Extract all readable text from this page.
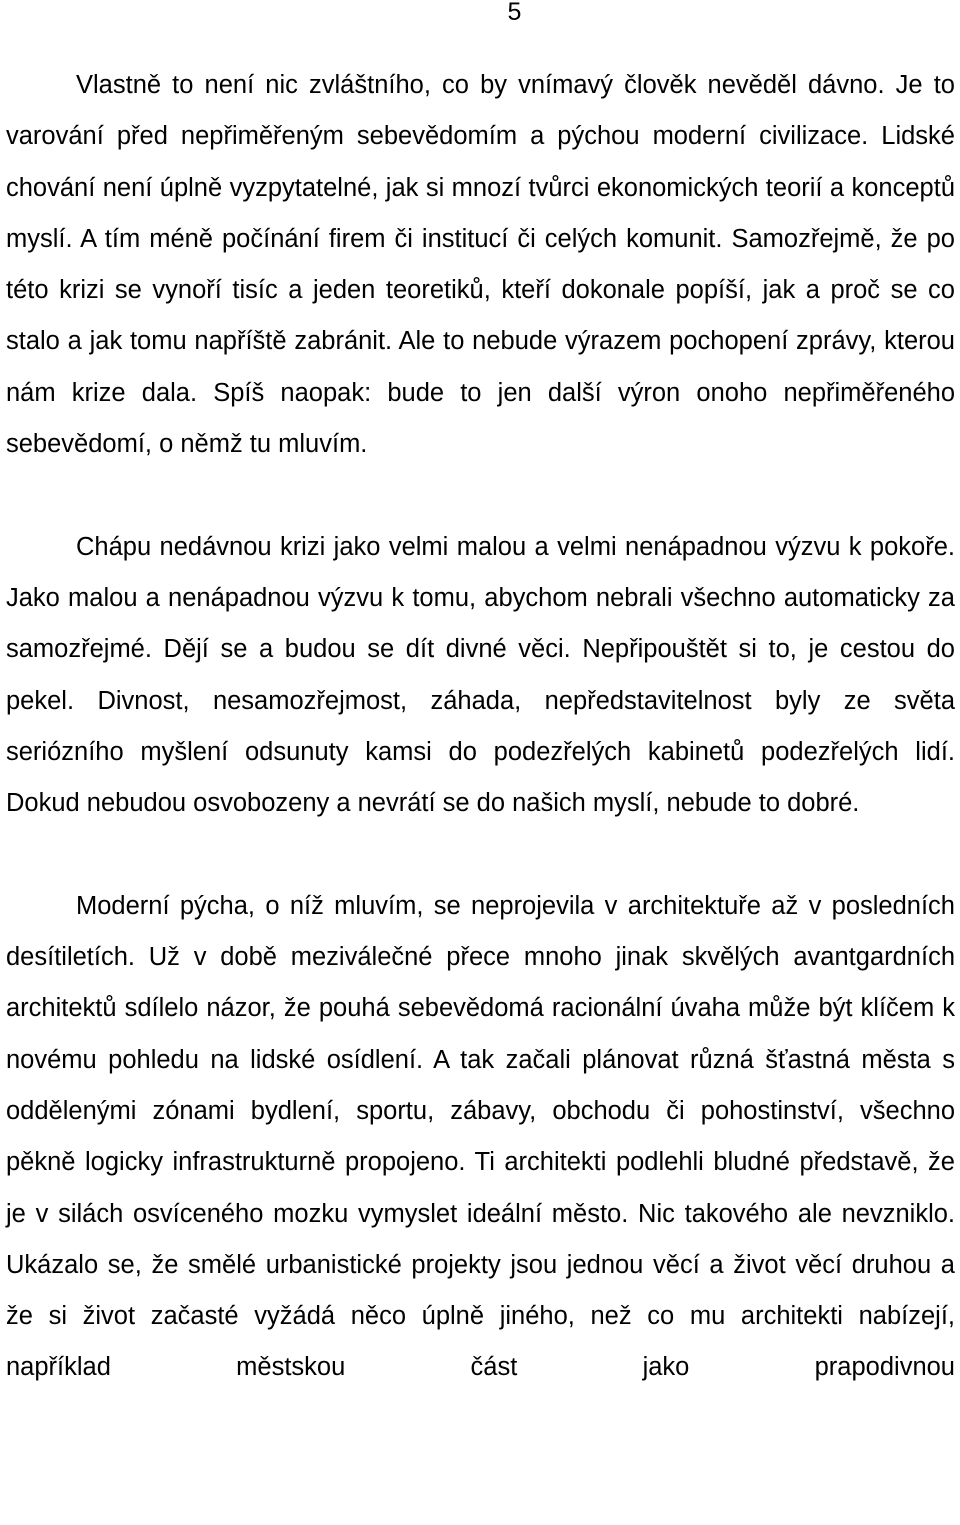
5

Vlastně to není nic zvláštního, co by vnímavý člověk nevěděl dávno. Je to varování před nepřiměřeným sebevědomím a pýchou moderní civilizace. Lidské chování není úplně vyzpytatelné, jak si mnozí tvůrci ekonomických teorií a konceptů myslí. A tím méně počínání firem či institucí či celých komunit. Samozřejmě, že po této krizi se vynoří tisíc a jeden teoretiků, kteří dokonale popíší, jak a proč se co stalo a jak tomu napříště zabránit. Ale to nebude výrazem pochopení zprávy, kterou nám krize dala. Spíš naopak: bude to jen další výron onoho nepřiměřeného sebevědomí, o němž tu mluvím.

Chápu nedávnou krizi jako velmi malou a velmi nenápadnou výzvu k pokoře. Jako malou a nenápadnou výzvu k tomu, abychom nebrali všechno automaticky za samozřejmé. Dějí se a budou se dít divné věci. Nepřipouštět si to, je cestou do pekel. Divnost, nesamozřejmost, záhada, nepředstavitelnost byly ze světa seriózního myšlení odsunuty kamsi do podezřelých kabinetů podezřelých lidí. Dokud nebudou osvobozeny a nevrátí se do našich myslí, nebude to dobré.

Moderní pýcha, o níž mluvím, se neprojevila v architektuře až v posledních desítiletích. Už v době meziválečné přece mnoho jinak skvělých avantgardních architektů sdílelo názor, že pouhá sebevědomá racionální úvaha může být klíčem k novému pohledu na lidské osídlení. A tak začali plánovat různá šťastná města s oddělenými zónami bydlení, sportu, zábavy, obchodu či pohostinství, všechno pěkně logicky infrastrukturně propojeno. Ti architekti podlehli bludné představě, že je v silách osvíceného mozku vymyslet ideální město. Nic takového ale nevzniklo. Ukázalo se, že smělé urbanistické projekty jsou jednou věcí a život věcí druhou a že si život začasté vyžádá něco úplně jiného, než co mu architekti nabízejí, například městskou část jako prapodivnou
